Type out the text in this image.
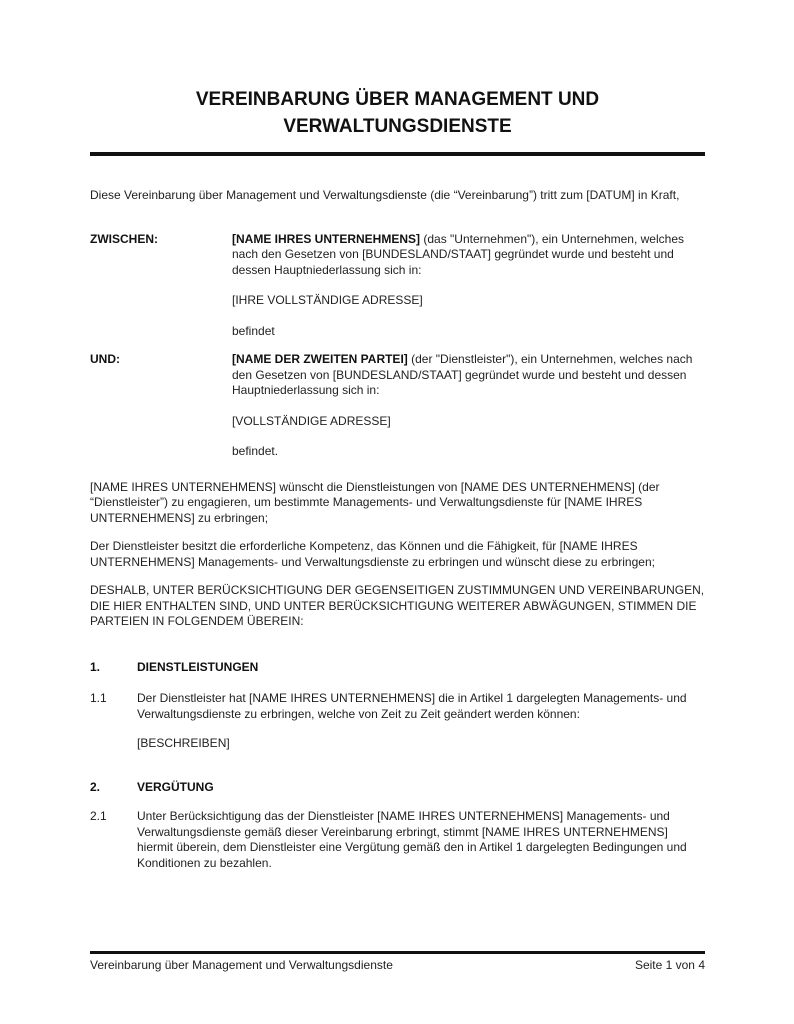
VEREINBARUNG ÜBER MANAGEMENT UND VERWALTUNGSDIENSTE

Diese Vereinbarung über Management und Verwaltungsdienste (die “Vereinbarung”) tritt zum [DATUM] in Kraft,

ZWISCHEN:	[NAME IHRES UNTERNEHMENS] (das "Unternehmen"), ein Unternehmen, welches nach den Gesetzen von [BUNDESLAND/STAAT] gegründet wurde und besteht und dessen Hauptniederlassung sich in:

[IHRE VOLLSTÄNDIGE ADRESSE]

befindet

UND:	[NAME DER ZWEITEN PARTEI] (der "Dienstleister"), ein Unternehmen, welches nach den Gesetzen von [BUNDESLAND/STAAT] gegründet wurde und besteht und dessen Hauptniederlassung sich in:

[VOLLSTÄNDIGE ADRESSE]

befindet.

[NAME IHRES UNTERNEHMENS] wünscht die Dienstleistungen von [NAME DES UNTERNEHMENS] (der “Dienstleister”) zu engagieren, um bestimmte Managements- und Verwaltungsdienste für [NAME IHRES UNTERNEHMENS] zu erbringen;

Der Dienstleister besitzt die erforderliche Kompetenz, das Können und die Fähigkeit, für [NAME IHRES UNTERNEHMENS] Managements- und Verwaltungsdienste zu erbringen und wünscht diese zu erbringen;

DESHALB, UNTER BERÜCKSICHTIGUNG DER GEGENSEITIGEN ZUSTIMMUNGEN UND VEREINBARUNGEN, DIE HIER ENTHALTEN SIND, UND UNTER BERÜCKSICHTIGUNG WEITERER ABWÄGUNGEN, STIMMEN DIE PARTEIEN IN FOLGENDEM ÜBEREIN:

1.	DIENSTLEISTUNGEN
1.1	Der Dienstleister hat [NAME IHRES UNTERNEHMENS] die in Artikel 1 dargelegten Managements- und Verwaltungsdienste zu erbringen, welche von Zeit zu Zeit geändert werden können:

[BESCHREIBEN]

2.	VERGÜTUNG
2.1	Unter Berücksichtigung das der Dienstleister [NAME IHRES UNTERNEHMENS] Managements- und Verwaltungsdienste gemäß dieser Vereinbarung erbringt, stimmt [NAME IHRES UNTERNEHMENS] hiermit überein, dem Dienstleister eine Vergütung gemäß den in Artikel 1 dargelegten Bedingungen und Konditionen zu bezahlen.

Vereinbarung über Management und Verwaltungsdienste	Seite 1 von 4
